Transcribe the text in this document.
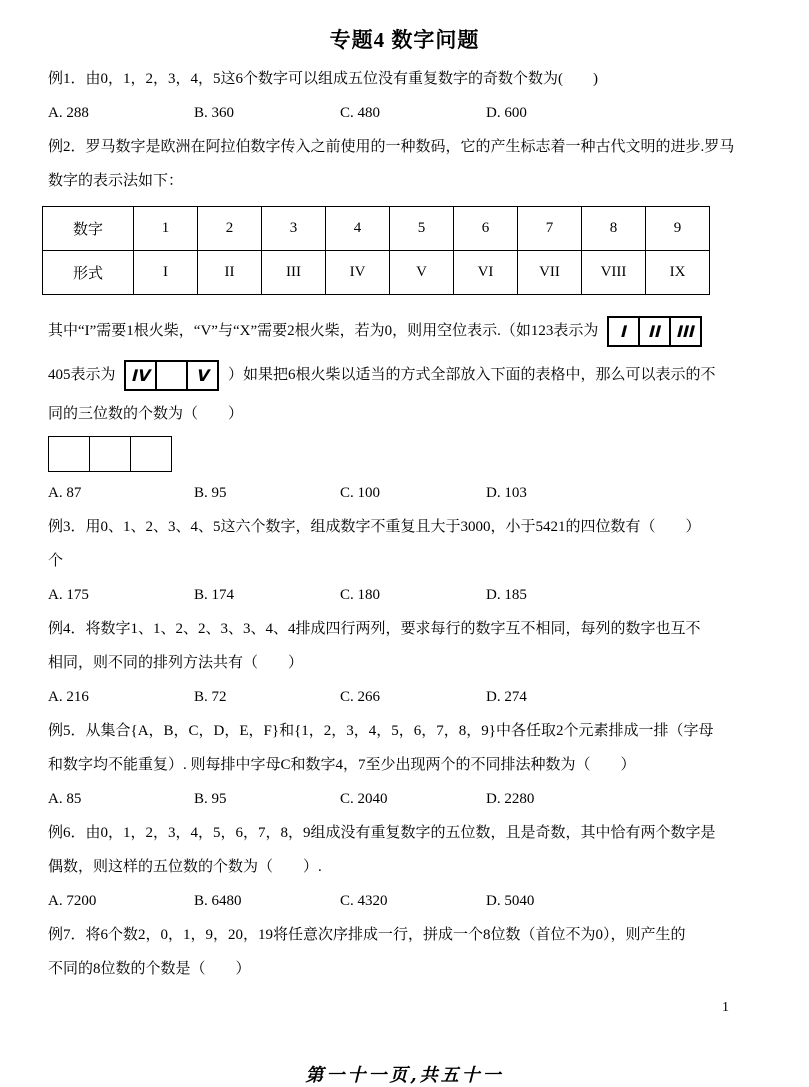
专题4 数字问题
例1．由0，1，2，3，4，5这6个数字可以组成五位没有重复数字的奇数个数为(　　)
A. 288	B. 360	C. 480	D. 600
例2．罗马数字是欧洲在阿拉伯数字传入之前使用的一种数码，它的产生标志着一种古代文明的进步.罗马
数字的表示法如下：
数字	1	2	3	4	5	6	7	8	9
形式	I	II	III	IV	V	VI	VII	VIII	IX
其中“I”需要1根火柴，“V”与“X”需要2根火柴，若为0，则用空位表示.（如123表示为 I II III
405表示为 IV	V ）如果把6根火柴以适当的方式全部放入下面的表格中，那么可以表示的不
同的三位数的个数为（　　）
A. 87	B. 95	C. 100	D. 103
例3．用0、1、2、3、4、5这六个数字，组成数字不重复且大于3000，小于5421的四位数有（　　）
个
A. 175	B. 174	C. 180	D. 185
例4．将数字1、1、2、2、3、3、4、4排成四行两列，要求每行的数字互不相同，每列的数字也互不
相同，则不同的排列方法共有（　　）
A. 216	B. 72	C. 266	D. 274
例5．从集合{A，B，C，D，E，F}和{1，2，3，4，5，6，7，8，9}中各任取2个元素排成一排（字母
和数字均不能重复）. 则每排中字母C和数字4，7至少出现两个的不同排法种数为（　　）
A. 85	B. 95	C. 2040	D. 2280
例6．由0，1，2，3，4，5，6，7，8，9组成没有重复数字的五位数，且是奇数，其中恰有两个数字是
偶数，则这样的五位数的个数为（　　）.
A. 7200	B. 6480	C. 4320	D. 5040
例7．将6个数2，0，1，9，20，19将任意次序排成一行，拼成一个8位数（首位不为0），则产生的
不同的8位数的个数是（　　）
1
第一十一页,共五十一
